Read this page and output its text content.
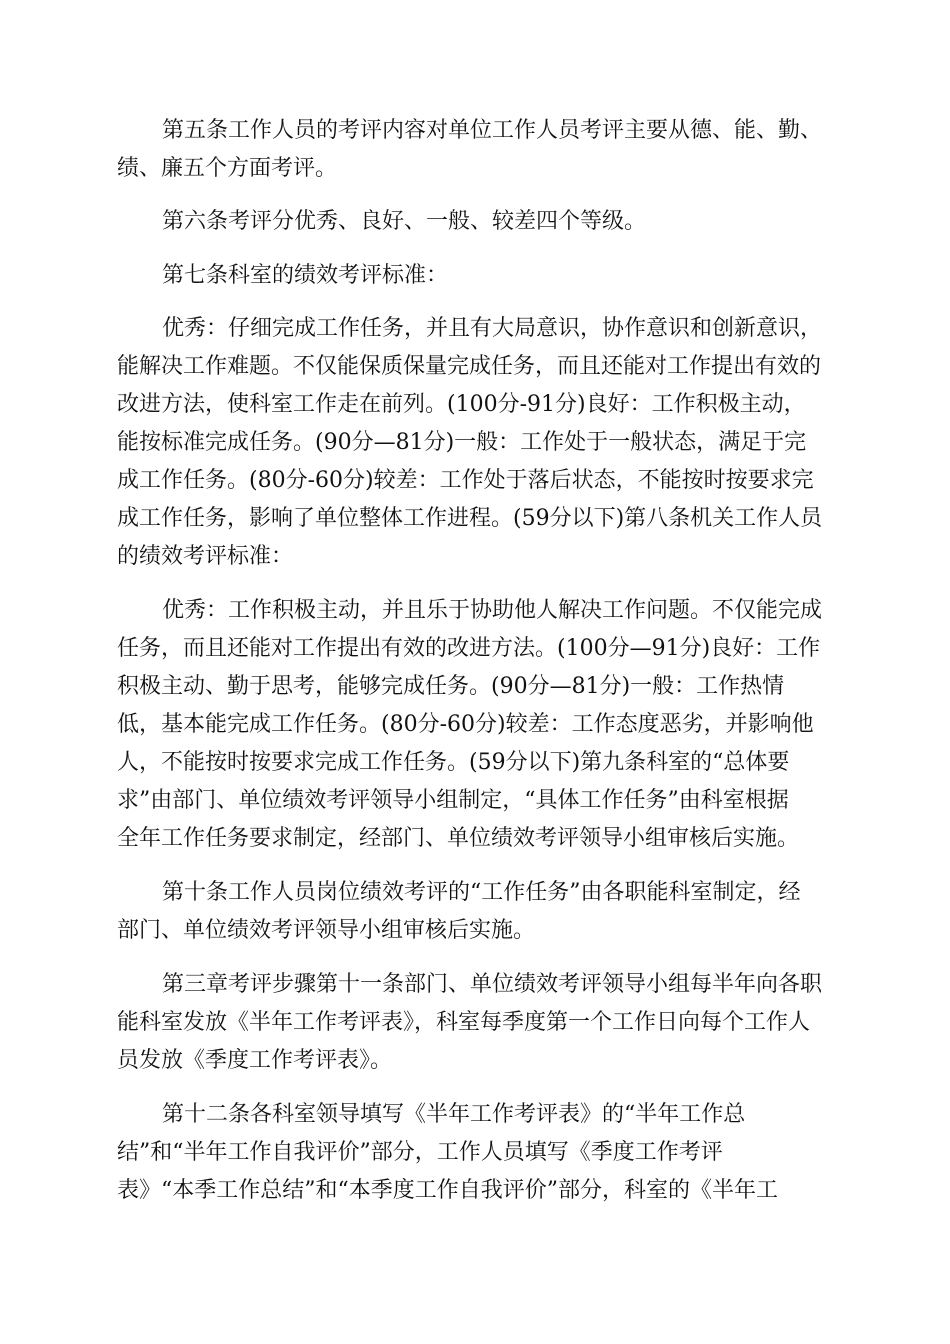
第五条工作人员的考评内容对单位工作人员考评主要从德、能、勤、
绩、廉五个方面考评。
第六条考评分优秀、良好、一般、较差四个等级。
第七条科室的绩效考评标准：
优秀：仔细完成工作任务，并且有大局意识，协作意识和创新意识，
能解决工作难题。不仅能保质保量完成任务，而且还能对工作提出有效的
改进方法，使科室工作走在前列。(100分-91分)良好：工作积极主动，
能按标准完成任务。(90分—81分)一般：工作处于一般状态，满足于完
成工作任务。(80分-60分)较差：工作处于落后状态，不能按时按要求完
成工作任务，影响了单位整体工作进程。(59分以下)第八条机关工作人员
的绩效考评标准：
优秀：工作积极主动，并且乐于协助他人解决工作问题。不仅能完成
任务，而且还能对工作提出有效的改进方法。(100分—91分)良好：工作
积极主动、勤于思考，能够完成任务。(90分—81分)一般：工作热情
低，基本能完成工作任务。(80分-60分)较差：工作态度恶劣，并影响他
人，不能按时按要求完成工作任务。(59分以下)第九条科室的“总体要
求”由部门、单位绩效考评领导小组制定，“具体工作任务”由科室根据
全年工作任务要求制定，经部门、单位绩效考评领导小组审核后实施。
第十条工作人员岗位绩效考评的“工作任务”由各职能科室制定，经
部门、单位绩效考评领导小组审核后实施。
第三章考评步骤第十一条部门、单位绩效考评领导小组每半年向各职
能科室发放《半年工作考评表》，科室每季度第一个工作日向每个工作人
员发放《季度工作考评表》。
第十二条各科室领导填写《半年工作考评表》的“半年工作总
结”和“半年工作自我评价”部分，工作人员填写《季度工作考评
表》“本季工作总结”和“本季度工作自我评价”部分，科室的《半年工
